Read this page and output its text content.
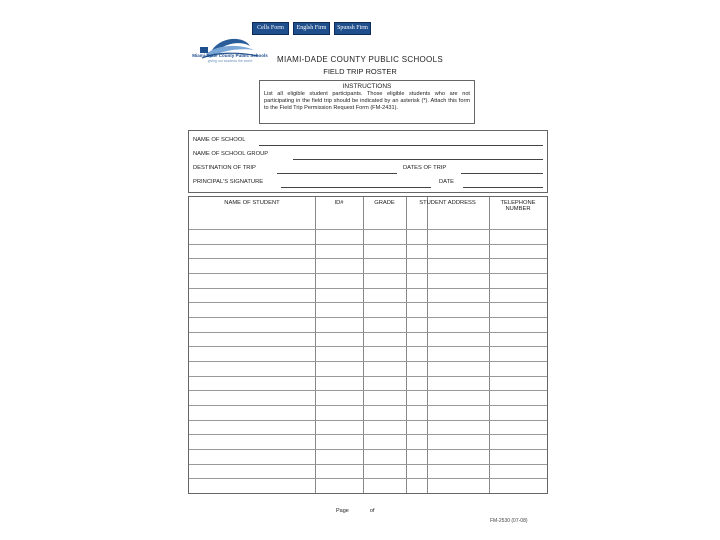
Cells Form	Englsh Firm	Spunsh Firm
Miami-Dade County Public Schools
giving our students the world	MIAMI-DADE COUNTY PUBLIC SCHOOLS
FIELD TRIP ROSTER
INSTRUCTIONS
List all eligible student participants. Those eligible students who are not participating in the field trip should be indicated by an asterisk (*). Attach this form to the Field Trip Permission Request Form (FM-2431).
NAME OF SCHOOL
NAME OF SCHOOL GROUP
DESTINATION OF TRIP	DATES OF TRIP
PRINCIPAL'S SIGNATURE	DATE
NAME OF STUDENT	ID#	GRADE	STUDENT ADDRESS	TELEPHONE NUMBER
Page	of
FM-2530 (07-08)
